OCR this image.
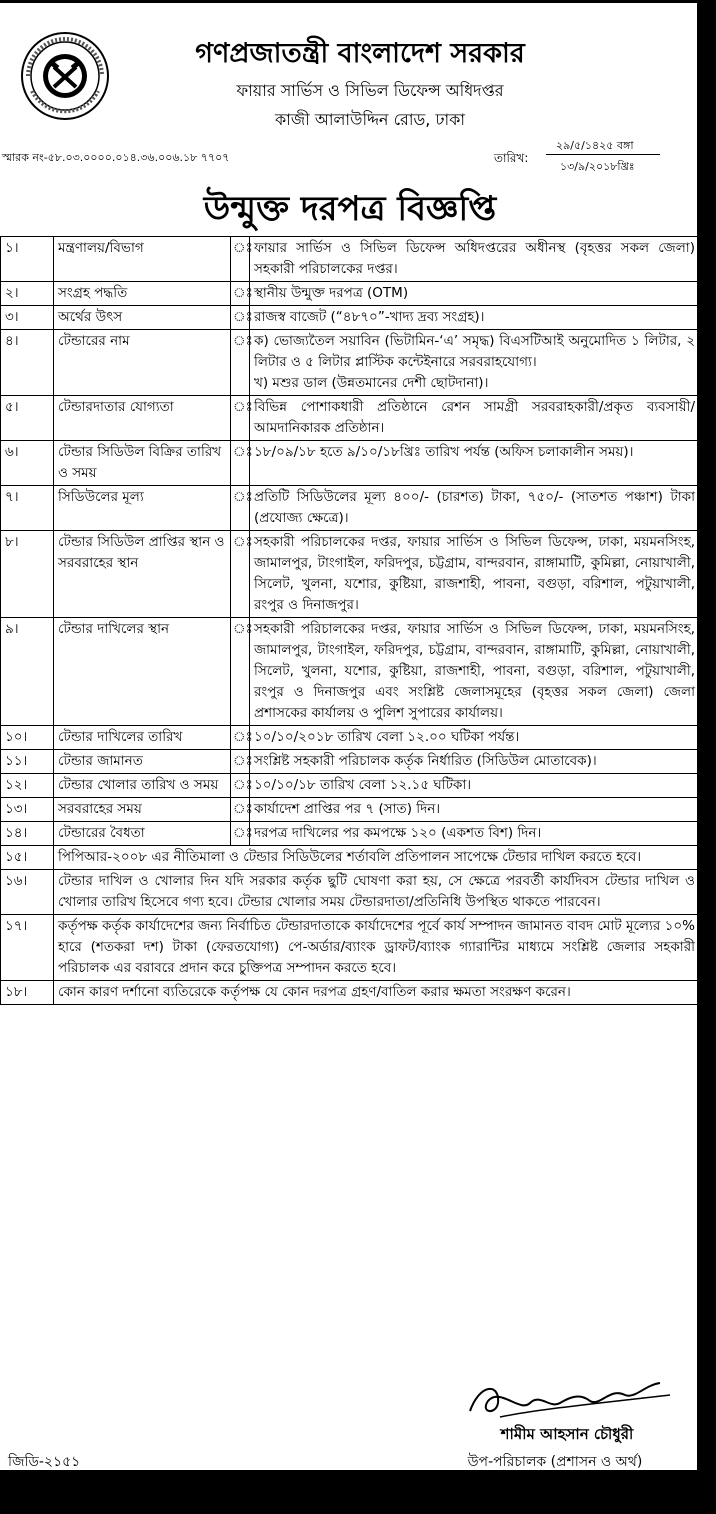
গণপ্রজাতন্ত্রী বাংলাদেশ সরকার
ফায়ার সার্ভিস ও সিভিল ডিফেন্স অধিদপ্তর
কাজী আলাউদ্দিন রোড, ঢাকা
স্মারক নং-৫৮.০৩.০০০০.০১৪.৩৬.০০৬.১৮ ৭৭০৭	তারিখ:
২৯/৫/১৪২৫ বঙ্গা
১৩/৯/২০১৮খ্রিঃ
উন্মুক্ত দরপত্র বিজ্ঞপ্তি
১।	মন্ত্রণালয়/বিভাগ	ঃ	ফায়ার সার্ভিস ও সিভিল ডিফেন্স অধিদপ্তরের অধীনস্থ (বৃহত্তর সকল জেলা) সহকারী পরিচালকের দপ্তর।

২।	সংগ্রহ পদ্ধতি	ঃ	স্থানীয় উন্মুক্ত দরপত্র (OTM)

৩।	অর্থের উৎস	ঃ	রাজস্ব বাজেট (“৪৮৭০”-খাদ্য দ্রব্য সংগ্রহ)।

৪।	টেন্ডারের নাম	ঃ	ক) ভোজ্যতৈল সয়াবিন (ভিটামিন-‘এ’ সমৃদ্ধ) বিএসটিআই অনুমোদিত ১ লিটার, ২ লিটার ও ৫ লিটার প্লাস্টিক কন্টেইনারে সরবরাহযোগ্য।
খ) মশুর ডাল (উন্নতমানের দেশী ছোটদানা)।

৫।	টেন্ডারদাতার যোগ্যতা	ঃ	বিভিন্ন পোশাকধারী প্রতিষ্ঠানে রেশন সামগ্রী সরবরাহকারী/প্রকৃত ব্যবসায়ী/আমদানিকারক প্রতিষ্ঠান।

৬।	টেন্ডার সিডিউল বিক্রির তারিখ ও সময়	ঃ	১৮/০৯/১৮ হতে ৯/১০/১৮খ্রিঃ তারিখ পর্যন্ত (অফিস চলাকালীন সময়)।

৭।	সিডিউলের মূল্য	ঃ	প্রতিটি সিডিউলের মূল্য ৪০০/- (চারশত) টাকা, ৭৫০/- (সাতশত পঞ্চাশ) টাকা (প্রযোজ্য ক্ষেত্রে)।

৮।	টেন্ডার সিডিউল প্রাপ্তির স্থান ও সরবরাহের স্থান	ঃ	সহকারী পরিচালকের দপ্তর, ফায়ার সার্ভিস ও সিভিল ডিফেন্স, ঢাকা, ময়মনসিংহ, জামালপুর, টাংগাইল, ফরিদপুর, চট্টগ্রাম, বান্দরবান, রাঙ্গামাটি, কুমিল্লা, নোয়াখালী, সিলেট, খুলনা, যশোর, কুষ্টিয়া, রাজশাহী, পাবনা, বগুড়া, বরিশাল, পটুয়াখালী, রংপুর ও দিনাজপুর।

৯।	টেন্ডার দাখিলের স্থান	ঃ	সহকারী পরিচালকের দপ্তর, ফায়ার সার্ভিস ও সিভিল ডিফেন্স, ঢাকা, ময়মনসিংহ, জামালপুর, টাংগাইল, ফরিদপুর, চট্টগ্রাম, বান্দরবান, রাঙ্গামাটি, কুমিল্লা, নোয়াখালী, সিলেট, খুলনা, যশোর, কুষ্টিয়া, রাজশাহী, পাবনা, বগুড়া, বরিশাল, পটুয়াখালী, রংপুর ও দিনাজপুর এবং সংশ্লিষ্ট জেলাসমূহের (বৃহত্তর সকল জেলা) জেলা প্রশাসকের কার্যালয় ও পুলিশ সুপারের কার্যালয়।

১০।	টেন্ডার দাখিলের তারিখ	ঃ	১০/১০/২০১৮ তারিখ বেলা ১২.০০ ঘটিকা পর্যন্ত।

১১।	টেন্ডার জামানত	ঃ	সংশ্লিষ্ট সহকারী পরিচালক কর্তৃক নির্ধারিত (সিডিউল মোতাবেক)।

১২।	টেন্ডার খোলার তারিখ ও সময়	ঃ	১০/১০/১৮ তারিখ বেলা ১২.১৫ ঘটিকা।

১৩।	সরবরাহের সময়	ঃ	কার্যাদেশ প্রাপ্তির পর ৭ (সাত) দিন।

১৪।	টেন্ডারের বৈধতা	ঃ	দরপত্র দাখিলের পর কমপক্ষে ১২০ (একশত বিশ) দিন।

১৫।	পিপিআর-২০০৮ এর নীতিমালা ও টেন্ডার সিডিউলের শর্তাবলি প্রতিপালন সাপেক্ষে টেন্ডার দাখিল করতে হবে।		
১৬।	টেন্ডার দাখিল ও খোলার দিন যদি সরকার কর্তৃক ছুটি ঘোষণা করা হয়, সে ক্ষেত্রে পরবর্তী কার্যদিবস টেন্ডার দাখিল ও খোলার তারিখ হিসেবে গণ্য হবে। টেন্ডার খোলার সময় টেন্ডারদাতা/প্রতিনিধি উপস্থিত থাকতে পারবেন।		
১৭।	কর্তৃপক্ষ কর্তৃক কার্যাদেশের জন্য নির্বাচিত টেন্ডারদাতাকে কার্যাদেশের পূর্বে কার্য সম্পাদন জামানত বাবদ মোট মূল্যের ১০% হারে (শতকরা দশ) টাকা (ফেরতযোগ্য) পে-অর্ডার/ব্যাংক ড্রাফট/ব্যাংক গ্যারান্টির মাধ্যমে সংশ্লিষ্ট জেলার সহকারী পরিচালক এর বরাবরে প্রদান করে চুক্তিপত্র সম্পাদন করতে হবে।		
১৮।	কোন কারণ দর্শানো ব্যতিরেকে কর্তৃপক্ষ যে কোন দরপত্র গ্রহণ/বাতিল করার ক্ষমতা সংরক্ষণ করেন।		
শামীম আহসান চৌধুরী
উপ-পরিচালক (প্রশাসন ও অর্থ)
জিডি-২১৫১
